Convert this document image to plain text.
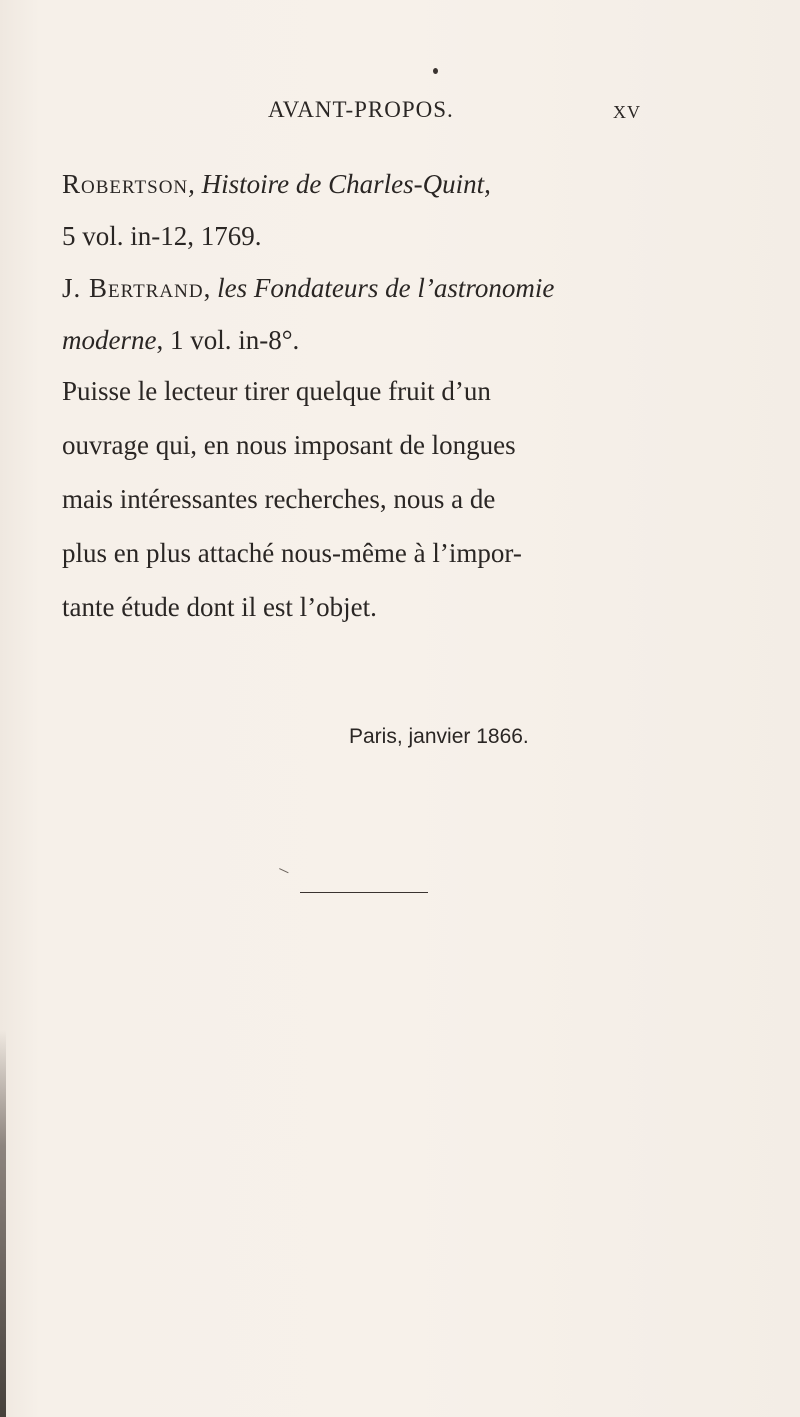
AVANT-PROPOS.	XV
Robertson, Histoire de Charles-Quint,
5 vol. in-12, 1769.
J. Bertrand, les Fondateurs de l’astronomie
moderne, 1 vol. in-8°.
Puisse le lecteur tirer quelque fruit d’un
ouvrage qui, en nous imposant de longues
mais intéressantes recherches, nous a de
plus en plus attaché nous-même à l’impor-
tante étude dont il est l’objet.
Paris, janvier 1866.
